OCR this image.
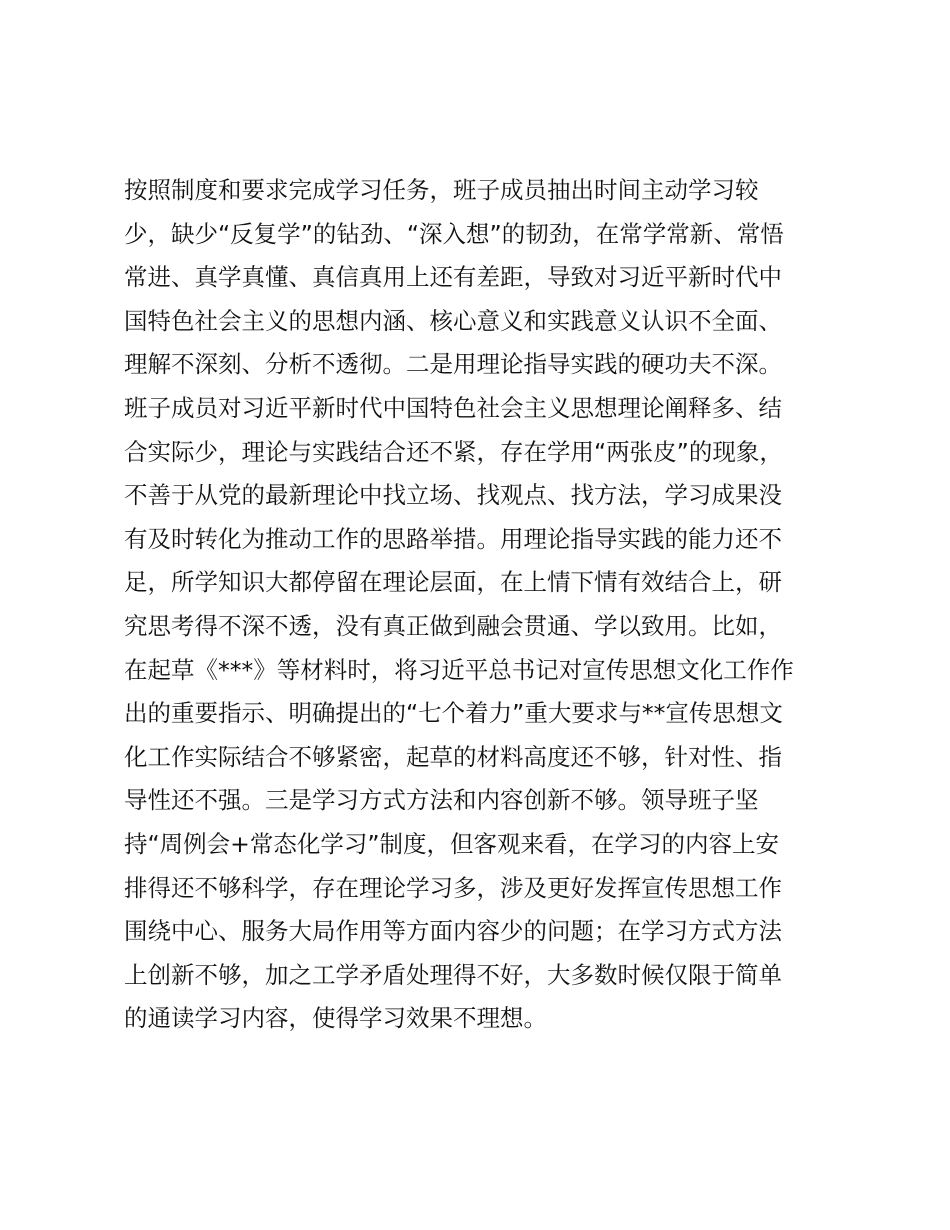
按照制度和要求完成学习任务，班子成员抽出时间主动学习较
少，缺少“反复学”的钻劲、“深入想”的韧劲，在常学常新、常悟
常进、真学真懂、真信真用上还有差距，导致对习近平新时代中
国特色社会主义的思想内涵、核心意义和实践意义认识不全面、
理解不深刻、分析不透彻。二是用理论指导实践的硬功夫不深。
班子成员对习近平新时代中国特色社会主义思想理论阐释多、结
合实际少，理论与实践结合还不紧，存在学用“两张皮”的现象，
不善于从党的最新理论中找立场、找观点、找方法，学习成果没
有及时转化为推动工作的思路举措。用理论指导实践的能力还不
足，所学知识大都停留在理论层面，在上情下情有效结合上，研
究思考得不深不透，没有真正做到融会贯通、学以致用。比如，
在起草《***》等材料时，将习近平总书记对宣传思想文化工作作
出的重要指示、明确提出的“七个着力”重大要求与**宣传思想文
化工作实际结合不够紧密，起草的材料高度还不够，针对性、指
导性还不强。三是学习方式方法和内容创新不够。领导班子坚
持“周例会+常态化学习”制度，但客观来看，在学习的内容上安
排得还不够科学，存在理论学习多，涉及更好发挥宣传思想工作
围绕中心、服务大局作用等方面内容少的问题；在学习方式方法
上创新不够，加之工学矛盾处理得不好，大多数时候仅限于简单
的通读学习内容，使得学习效果不理想。
